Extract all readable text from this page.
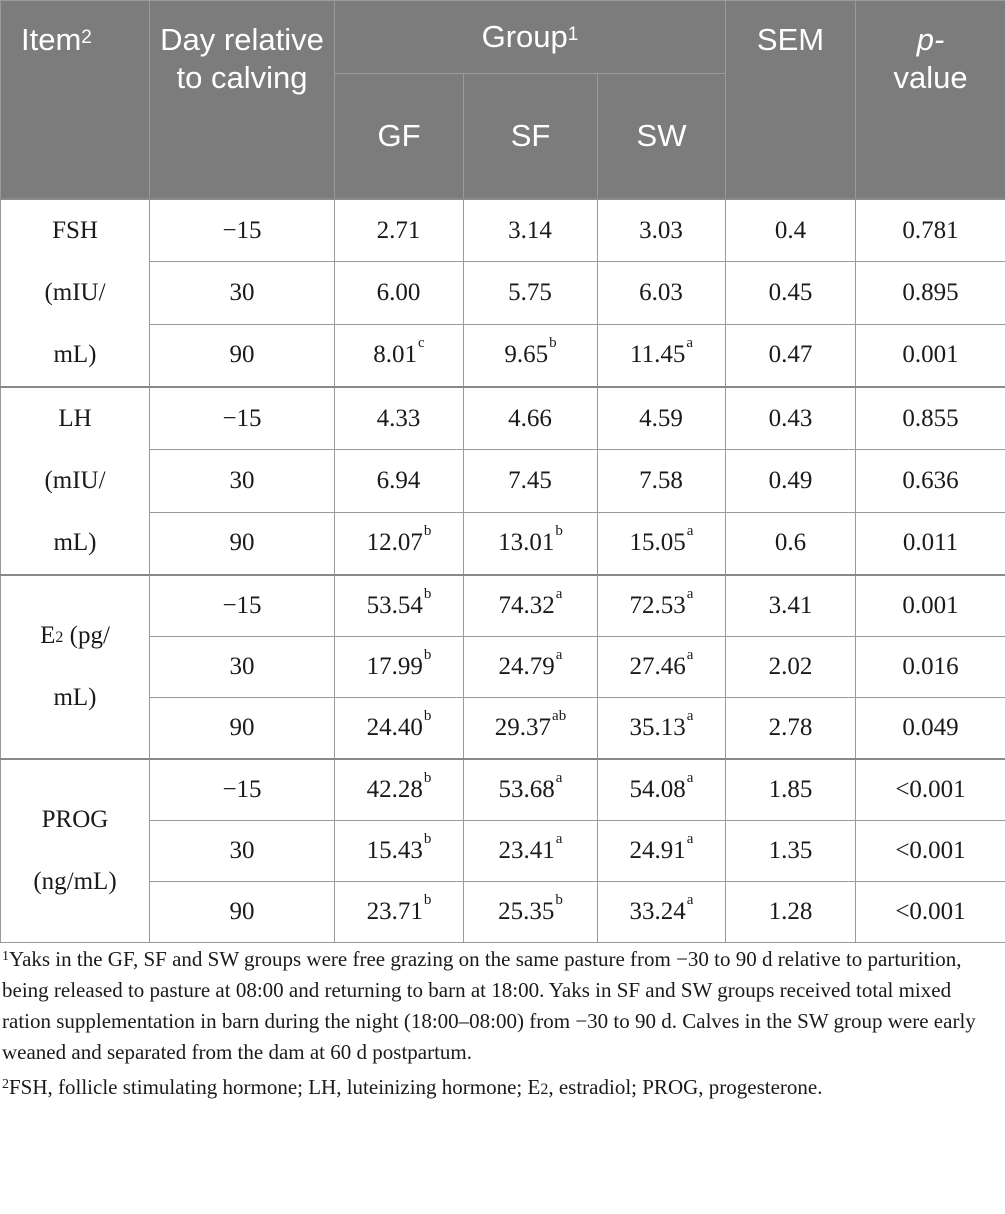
Item$^2$	Day relative to calving	Group$^1$			SEM	p-
value
		GF	SF	SW		
FSH
(mIU/
mL)	−15	2.71	3.14	3.03	0.4	0.781
	30	6.00	5.75	6.03	0.45	0.895
	90	8.01$^c$	9.65$^b$	11.45$^a$	0.47	0.001
LH
(mIU/
mL)	−15	4.33	4.66	4.59	0.43	0.855
	30	6.94	7.45	7.58	0.49	0.636
	90	12.07$^b$	13.01$^b$	15.05$^a$	0.6	0.011
E2 (pg/
mL)	−15	53.54$^b$	74.32$^a$	72.53$^a$	3.41	0.001
	30	17.99$^b$	24.79$^a$	27.46$^a$	2.02	0.016
	90	24.40$^b$	29.37$^{ab}$	35.13$^a$	2.78	0.049
PROG
(ng/mL)	−15	42.28$^b$	53.68$^a$	54.08$^a$	1.85	<0.001
	30	15.43$^b$	23.41$^a$	24.91$^a$	1.35	<0.001
	90	23.71$^b$	25.35$^b$	33.24$^a$	1.28	<0.001

$^1$Yaks in the GF, SF and SW groups were free grazing on the same pasture from −30 to 90 d relative to parturition, being released to pasture at 08:00 and returning to barn at 18:00. Yaks in SF and SW groups received total mixed ration supplementation in barn during the night (18:00–08:00) from −30 to 90 d. Calves in the SW group were early weaned and separated from the dam at 60 d postpartum.

$^2$FSH, follicle stimulating hormone; LH, luteinizing hormone; E2, estradiol; PROG, progesterone.
